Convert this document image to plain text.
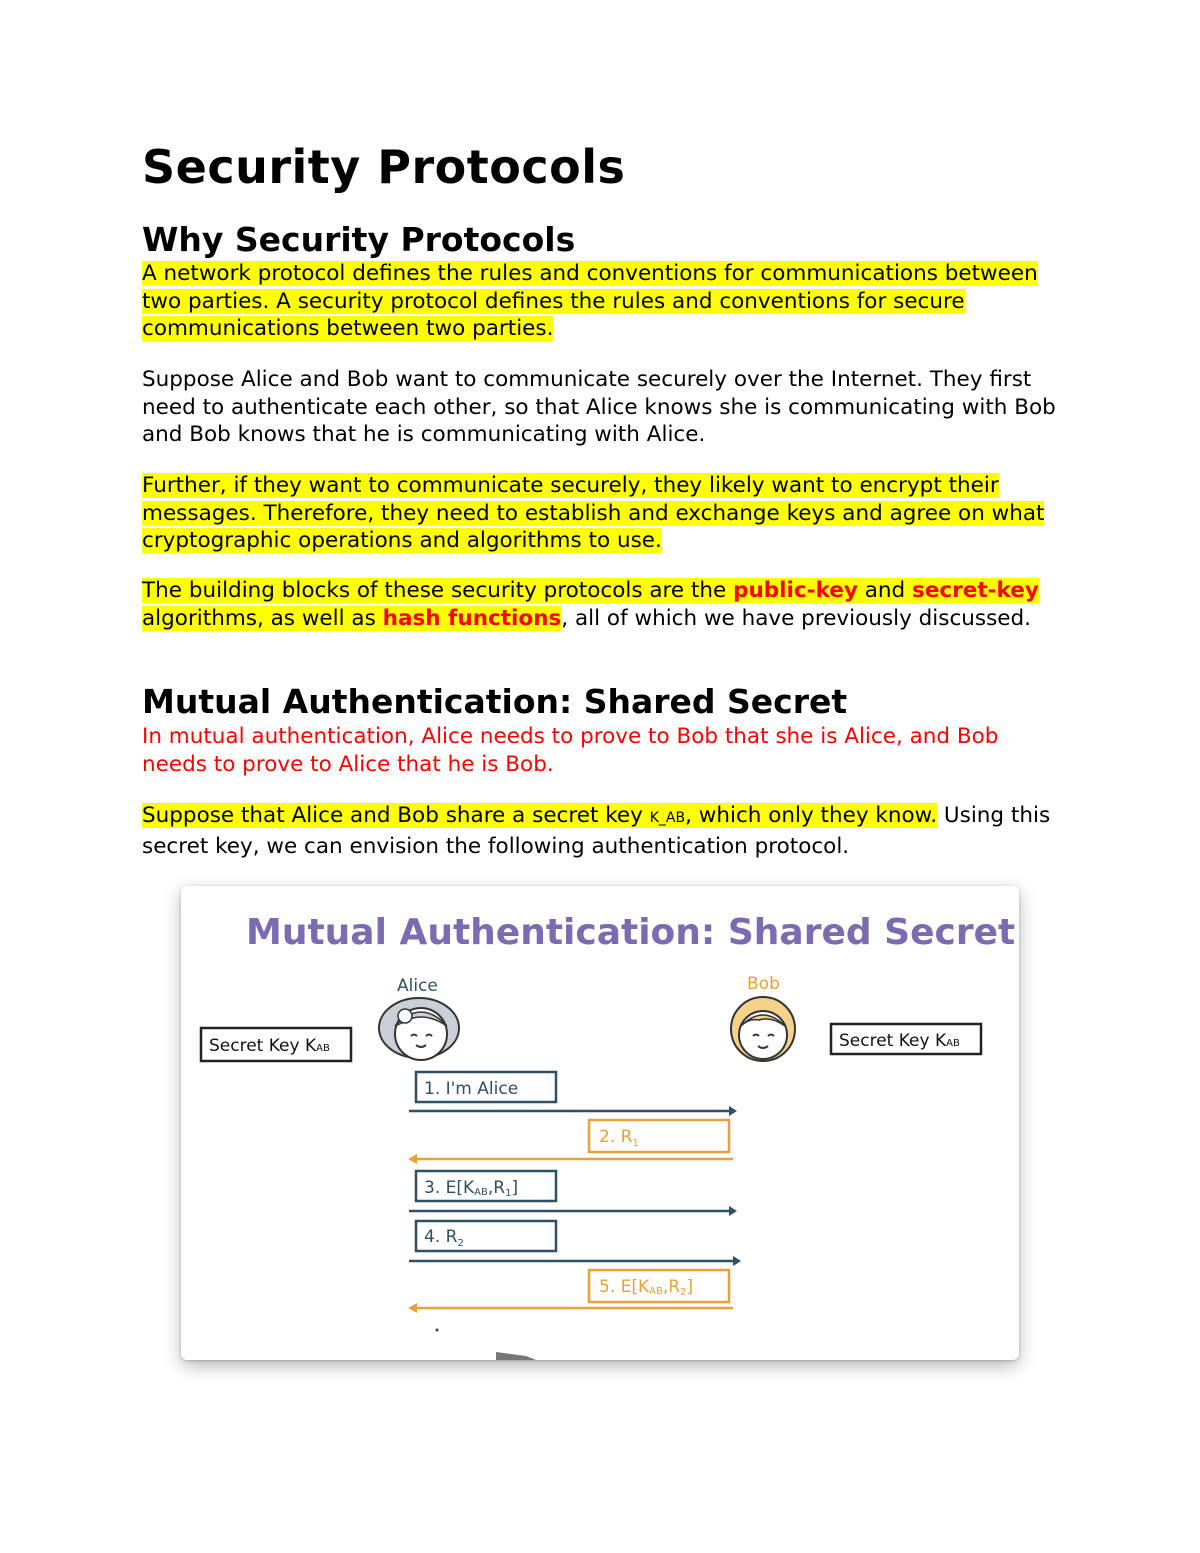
Security Protocols
Why Security Protocols

A network protocol defines the rules and conventions for communications between two parties. A security protocol defines the rules and conventions for secure communications between two parties.

Suppose Alice and Bob want to communicate securely over the Internet. They first need to authenticate each other, so that Alice knows she is communicating with Bob and Bob knows that he is communicating with Alice.

Further, if they want to communicate securely, they likely want to encrypt their messages. Therefore, they need to establish and exchange keys and agree on what cryptographic operations and algorithms to use.

The building blocks of these security protocols are the public-key and secret-key algorithms, as well as hash functions, all of which we have previously discussed.

Mutual Authentication: Shared Secret

In mutual authentication, Alice needs to prove to Bob that she is Alice, and Bob needs to prove to Alice that he is Bob.

Suppose that Alice and Bob share a secret key K_AB, which only they know. Using this secret key, we can envision the following authentication protocol.

Mutual Authentication: Shared Secret
Alice
Secret Key KAB
Bob
Secret Key KAB
1. I'm Alice
2. $R_1$
3. E[KAB,R1]
4. $R_2$
5. E[KAB,R2]
